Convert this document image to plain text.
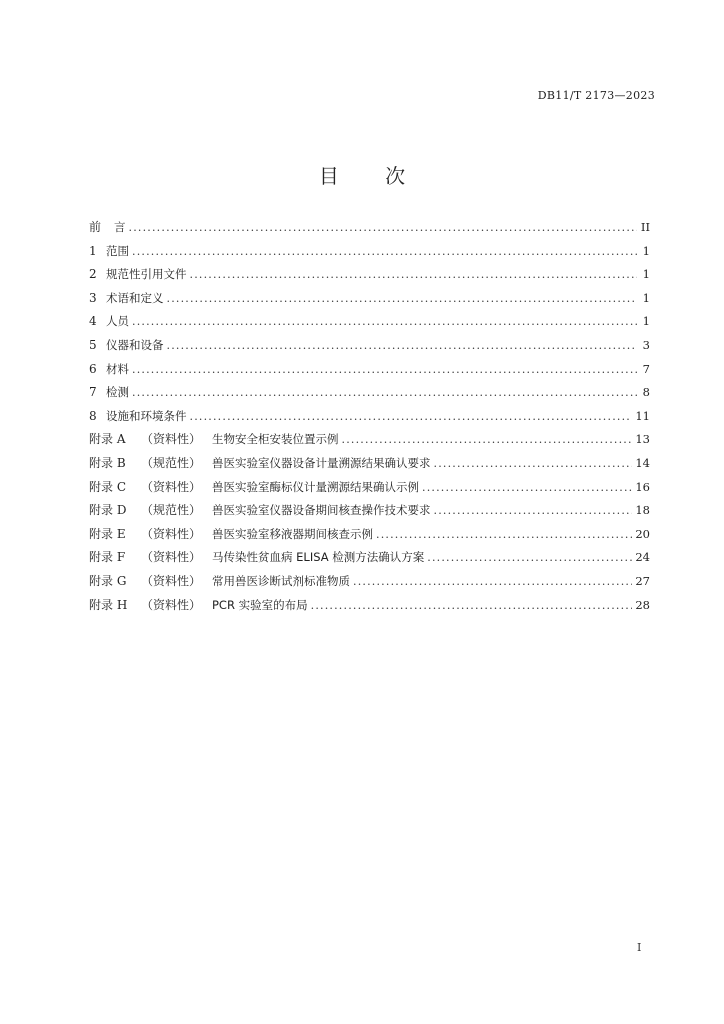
DB11/T 2173—2023
目 次
前	言 .....	II
1 范围 .....	1
2 规范性引用文件 .....	1
3 术语和定义 .....	1
4 人员 .....	1
5 仪器和设备 .....	3
6 材料 .....	7
7 检测 .....	8
8 设施和环境条件 .....	11
附录 A	（资料性） 生物安全柜安装位置示例 .....	13
附录 B	（规范性） 兽医实验室仪器设备计量溯源结果确认要求 .....	14
附录 C	（资料性） 兽医实验室酶标仪计量溯源结果确认示例 .....	16
附录 D	（规范性） 兽医实验室仪器设备期间核查操作技术要求 .....	18
附录 E	（资料性） 兽医实验室移液器期间核查示例 .....	20
附录 F	（资料性） 马传染性贫血病 ELISA 检测方法确认方案 .....	24
附录 G	（资料性） 常用兽医诊断试剂标准物质 .....	27
附录 H	（资料性） PCR 实验室的布局 .....	28
I
